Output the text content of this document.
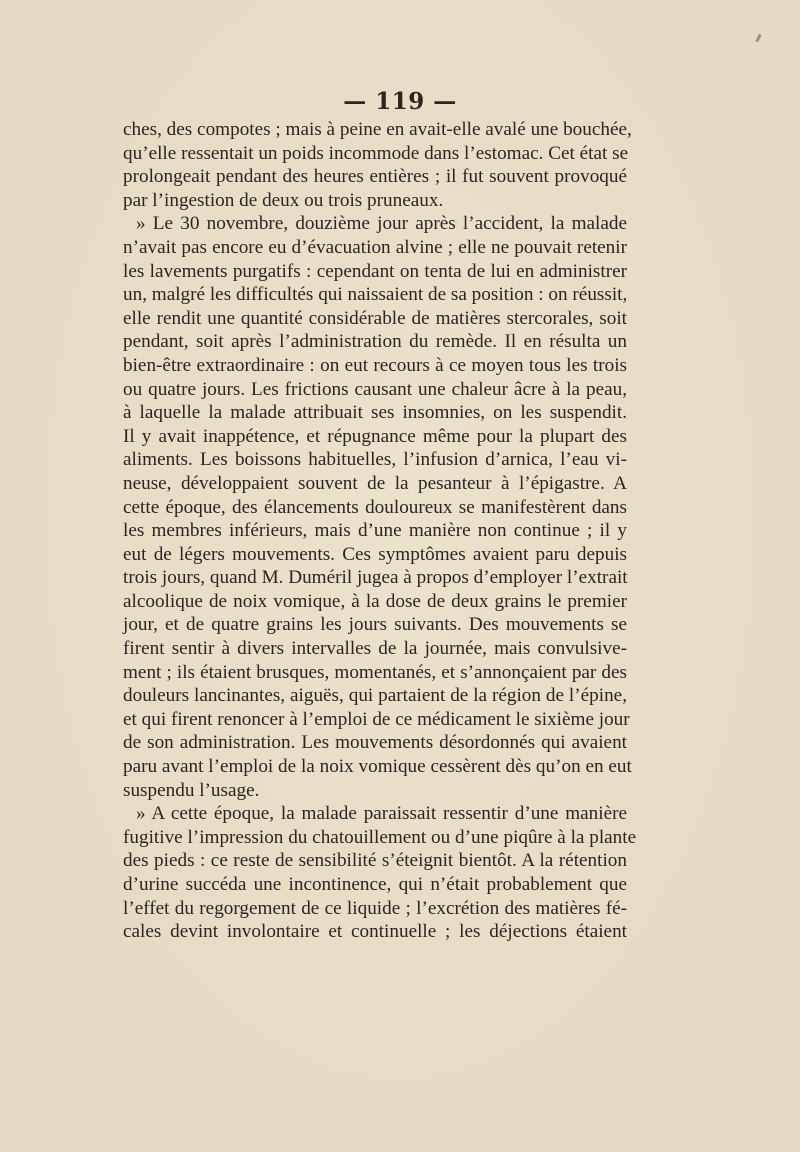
— 119 —
ches, des compotes ; mais à peine en avait-elle avalé une bouchée,
qu’elle ressentait un poids incommode dans l’estomac. Cet état se
prolongeait pendant des heures entières ; il fut souvent provoqué
par l’ingestion de deux ou trois pruneaux.
» Le 30 novembre, douzième jour après l’accident, la malade
n’avait pas encore eu d’évacuation alvine ; elle ne pouvait retenir
les lavements purgatifs : cependant on tenta de lui en administrer
un, malgré les difficultés qui naissaient de sa position : on réussit,
elle rendit une quantité considérable de matières stercorales, soit
pendant, soit après l’administration du remède. Il en résulta un
bien-être extraordinaire : on eut recours à ce moyen tous les trois
ou quatre jours. Les frictions causant une chaleur âcre à la peau,
à laquelle la malade attribuait ses insomnies, on les suspendit.
Il y avait inappétence, et répugnance même pour la plupart des
aliments. Les boissons habituelles, l’infusion d’arnica, l’eau vi-
neuse, développaient souvent de la pesanteur à l’épigastre. A
cette époque, des élancements douloureux se manifestèrent dans
les membres inférieurs, mais d’une manière non continue ; il y
eut de légers mouvements. Ces symptômes avaient paru depuis
trois jours, quand M. Duméril jugea à propos d’employer l’extrait
alcoolique de noix vomique, à la dose de deux grains le premier
jour, et de quatre grains les jours suivants. Des mouvements se
firent sentir à divers intervalles de la journée, mais convulsive-
ment ; ils étaient brusques, momentanés, et s’annonçaient par des
douleurs lancinantes, aiguës, qui partaient de la région de l’épine,
et qui firent renoncer à l’emploi de ce médicament le sixième jour
de son administration. Les mouvements désordonnés qui avaient
paru avant l’emploi de la noix vomique cessèrent dès qu’on en eut
suspendu l’usage.
» A cette époque, la malade paraissait ressentir d’une manière
fugitive l’impression du chatouillement ou d’une piqûre à la plante
des pieds : ce reste de sensibilité s’éteignit bientôt. A la rétention
d’urine succéda une incontinence, qui n’était probablement que
l’effet du regorgement de ce liquide ; l’excrétion des matières fé-
cales devint involontaire et continuelle ; les déjections étaient
